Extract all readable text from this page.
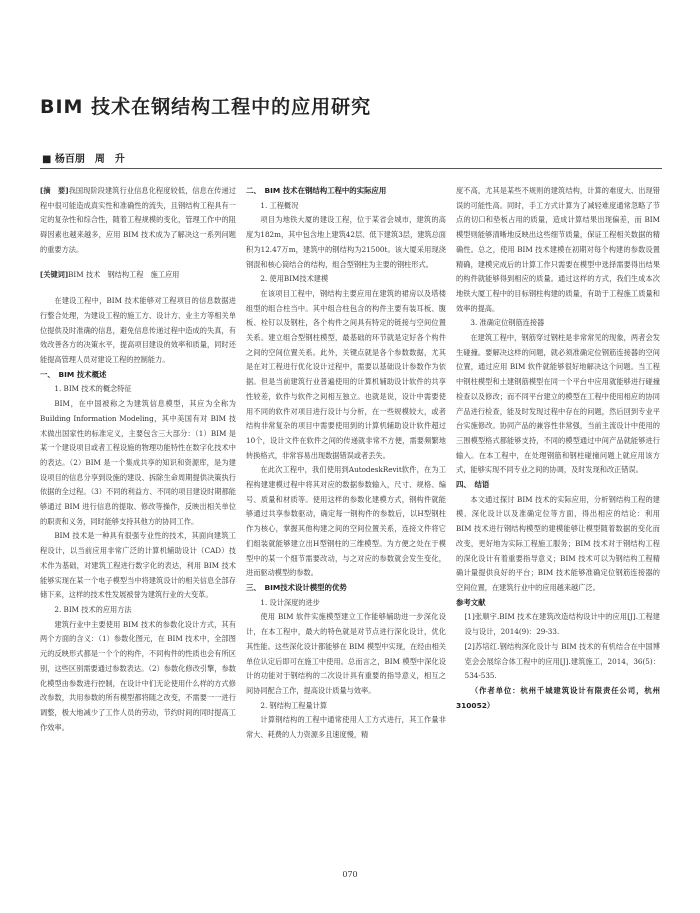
BIM 技术在钢结构工程中的应用研究

■ 杨百朋　周　升

[摘　要]我国现阶段建筑行业信息化程度较低，信息在传递过程中很可能造成真实性和准确性的流失，且钢结构工程具有一定的复杂性和综合性，随着工程规模的变化，管理工作中的阻碍因素也越来越多，应用 BIM 技术成为了解决这一系列问题的重要方法。

[关键词]BIM 技术　钢结构工程　施工应用

在建设工程中，BIM 技术能够对工程项目的信息数据进行整合处理，为建设工程的施工方、设计方、业主方等相关单位提供及时准确的信息，避免信息传递过程中造成的失真，有效改善各方的决策水平，提高项目建设的效率和质量，同时还能提高管理人员对建设工程的控制能力。

一、　BIM 技术概述
1. BIM 技术的概念特征

BIM，在中国被称之为建筑信息模型，其应为全称为 Building Information Modeling，其中美国有对 BIM 技术做出国家性的标准定义，主要包含三大部分：（1）BIM 是某一个建设项目或者工程设施的物理功能特性在数字化技术中的表达。（2）BIM 是一个集成共享的知识和资源库，是为建设项目的信息分享到设施的建设、拆除生命周期提供决策执行依据的全过程。（3）不同的利益方、不同的项目建设时期都能够通过 BIM 进行信息的提取、修改等操作，反映出相关单位的职责和义务，同时能够支持其他方的协同工作。

BIM 技术是一种具有很强专业性的技术，其面向建筑工程设计，以当前应用非常广泛的计算机辅助设计（CAD）技术作为基础，对建筑工程进行数字化的表达，利用 BIM 技术能够实现在某一个电子模型当中将建筑设计的相关信息全部存储下来，这样的技术性发展被誉为建筑行业的大变革。

2. BIM 技术的应用方法

建筑行业中主要使用 BIM 技术的参数化设计方式，其有两个方面的含义：（1）参数化图元，在 BIM 技术中，全部图元的反映形式都是一个个的构件，不同构件的性质也会有所区别，这些区别需要通过参数表达。（2）参数化修改引擎，参数化模型由参数进行控制，在设计中们无论使用什么样的方式修改参数，共用参数的所有模型都将随之改变，不需要一一进行调整，极大地减少了工作人员的劳动，节约时间的同时提高工作效率。

二、　BIM 技术在钢结构工程中的实际应用
1. 工程概况

项目为地铁大厦的建设工程，位于某省会城市，建筑的高度为182m，其中包含地上建筑42层、低下建筑3层，建筑总面积为12.47万m，建筑中的钢结构为21500t。该大厦采用现浇钢混和核心筒结合的结构，组合型钢柱为主要的钢柱形式。

2. 使用BIM技术建模

在该项目工程中，钢结构主要应用在建筑的裙房以及塔楼组型的组合柱当中。其中组合柱包含的构件主要有装耳板、腹板、栓钉以及钢柱，各个构件之间具有特定的链接与空间位置关系。建立组合型钢柱模型，最基础的环节就是定好各个构件之间的空间位置关系。此外，关键点就是各个参数数据，尤其是在对工程进行优化设计过程中，需要以基础设计参数作为依据。但是当前建筑行业普遍使用的计算机辅助设计软件的共享性较差，软件与软件之间相互独立。也就是说，设计中需要使用不同的软件对项目进行设计与分析，在一些规模较大，或者结构非常复杂的项目中需要使用到的计算机辅助设计软件超过10个，设计文件在软件之间的传递就非常不方便，需要频繁地转换格式，非常容易出现数据错误或者丢失。

在此次工程中，我们使用到AutodeskRevit软件，在为工程构建建模过程中将其对应的数据参数输入，尺寸、规格、编号、质量和材质等。使用这样的参数化建模方式，钢构件就能够通过共享参数驱动，确定每一钢构件的参数后，以H型钢柱作为核心，掌握其他构建之间的空间位置关系，连接文件将它们组装就能够建立出H型钢柱的三维模型。为方便之处在于模型中的某一个细节需要改动，与之对应的参数就会发生变化，进而驱动模型的参数。

三、　BIM技术设计模型的优势
1. 设计深度的进步

使用 BIM 软件实施模型建立工作能够辅助进一步深化设计，在本工程中，最大的特色就是对节点进行深化设计，优化其性能。这些深化设计都能够在 BIM 模型中实现，在经由相关单位认定后即可在施工中使用。总而言之，BIM 模型中深化设计的功能对于钢结构的二次设计具有重要的指导意义，相互之间协同配合工作，提高设计质量与效率。

2. 钢结构工程量计算

计算钢结构的工程中通常使用人工方式进行，其工作量非常大、耗费的人力资源多且速度慢，精

度不高，尤其是某些不规则的建筑结构，计算的难度大、出现错误的可能性高。同时，手工方式计算为了减轻难度通常忽略了节点的切口和垫板占用的质量，造成计算结果出现偏差，而 BIM 模型则能够清晰地反映出这些细节质量，保证工程相关数据的精确性。总之，使用 BIM 技术建模在初期对每个构建的参数设置精确，建模完成后的计算工作只需要在模型中选择需要得出结果的构件就能够得到相应的质量。通过这样的方式，我们生成本次地铁大厦工程中的目标钢柱构建的质量，有助于工程施工质量和效率的提高。

3. 准确定位钢筋连接器

在建筑工程中，钢筋穿过钢柱是非常常见的现象，两者会发生碰撞。要解决这样的问题，就必须准确定位钢筋连接器的空间位置，通过应用 BIM 软件就能够很好地解决这个问题。当工程中钢柱模型和土建钢筋模型在同一个平台中应用就能够进行碰撞检查以及修改；而不同平台建立的模型在工程中使用相应的协同产品进行检查，能及时发现过程中存在的问题，然后回到专业平台实施修改。协同产品的兼容性非常强，当前主流设计中使用的三围模型格式都能够支持，不同的模型通过中间产品就能够进行输入。在本工程中，在处理钢筋和钢柱碰撞问题上就应用该方式，能够实现不同专业之间的协调，及时发现和改正错误。

四、　结语

本文通过探讨 BIM 技术的实际应用，分析钢结构工程的建模、深化设计以及准确定位等方面，得出相应的结论：利用 BIM 技术进行钢结构模型的建模能够让模型随着数据的变化而改变，更好地为实际工程施工服务；BIM 技术对于钢结构工程的深化设计有着重要指导意义；BIM 技术可以为钢结构工程精确计量提供良好的平台；BIM 技术能够准确定位钢筋连接器的空间位置，在建筑行业中的应用越来越广泛。

参考文献

[1]张顺宇.BIM 技术在建筑改造结构设计中的应用[J].工程建设与设计，2014(9)：29-33.

[2]苏培红.钢结构深化设计与 BIM 技术的有机结合在中国博览会会展综合体工程中的应用[J].建筑施工，2014，36(5)：534-535.

（作者单位：杭州千城建筑设计有限责任公司，杭州 310052）

070
